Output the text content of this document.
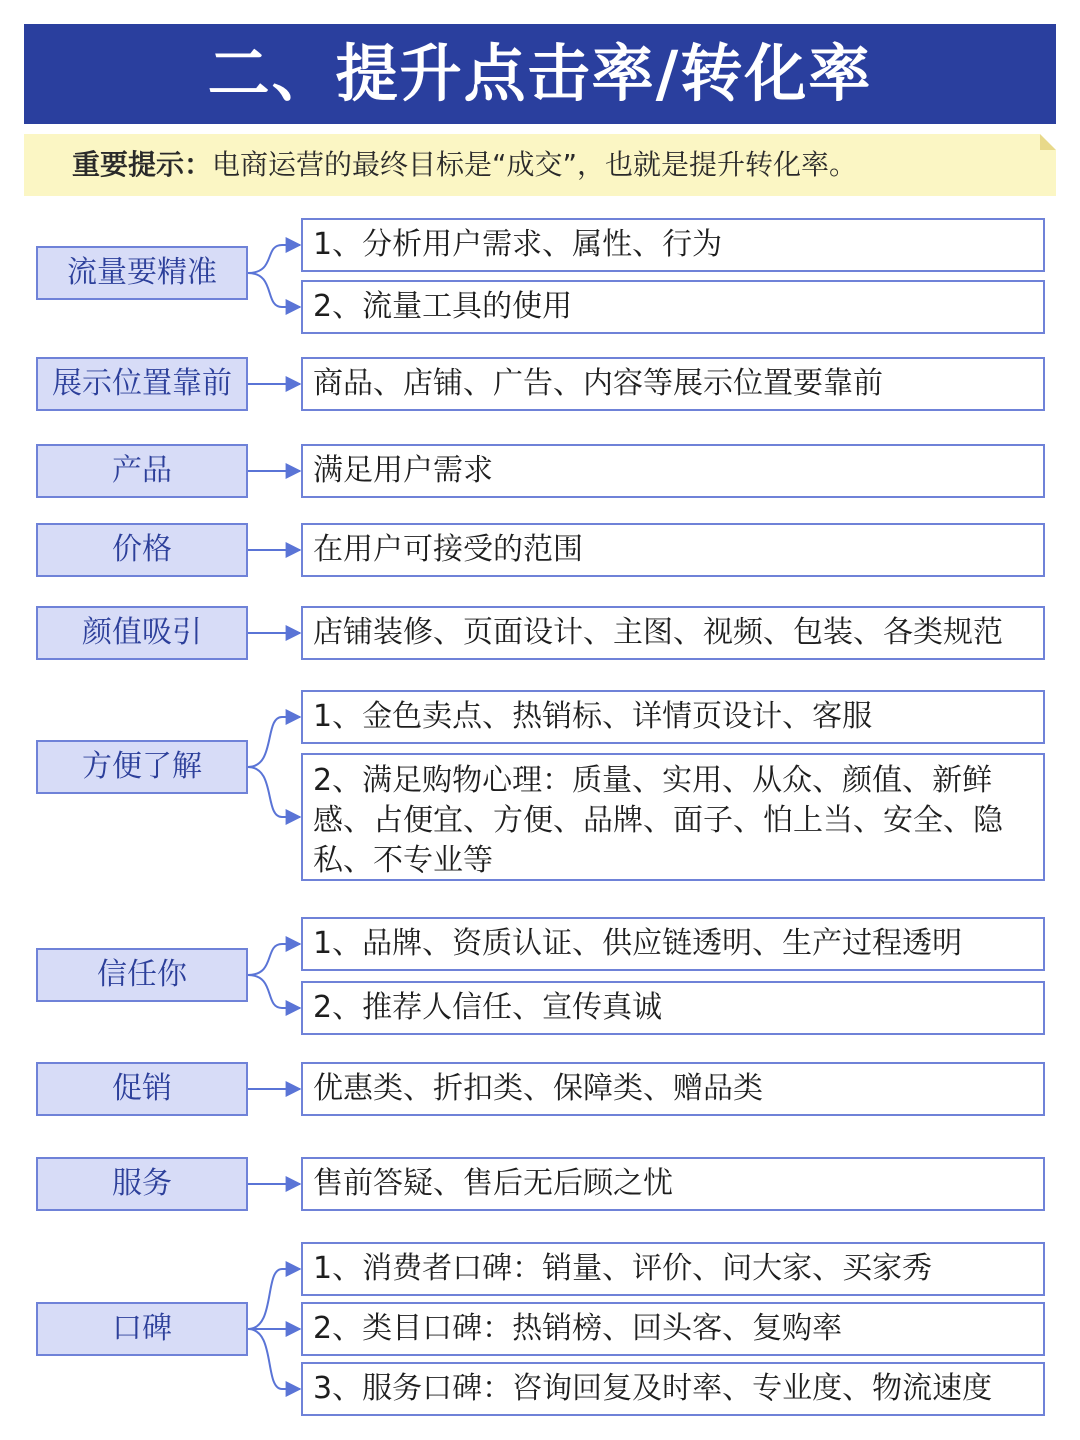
二、提升点击率/转化率
重要提示：电商运营的最终目标是“成交”，也就是提升转化率。
流量要精准
1、分析用户需求、属性、行为
2、流量工具的使用
展示位置靠前	商品、店铺、广告、内容等展示位置要靠前
产品	满足用户需求
价格	在用户可接受的范围
颜值吸引	店铺装修、页面设计、主图、视频、包装、各类规范
方便了解
1、金色卖点、热销标、详情页设计、客服
2、满足购物心理：质量、实用、从众、颜值、新鲜感、占便宜、方便、品牌、面子、怕上当、安全、隐私、不专业等
信任你
1、品牌、资质认证、供应链透明、生产过程透明
2、推荐人信任、宣传真诚
促销	优惠类、折扣类、保障类、赠品类
服务	售前答疑、售后无后顾之忧
口碑
1、消费者口碑：销量、评价、问大家、买家秀
2、类目口碑：热销榜、回头客、复购率
3、服务口碑：咨询回复及时率、专业度、物流速度
